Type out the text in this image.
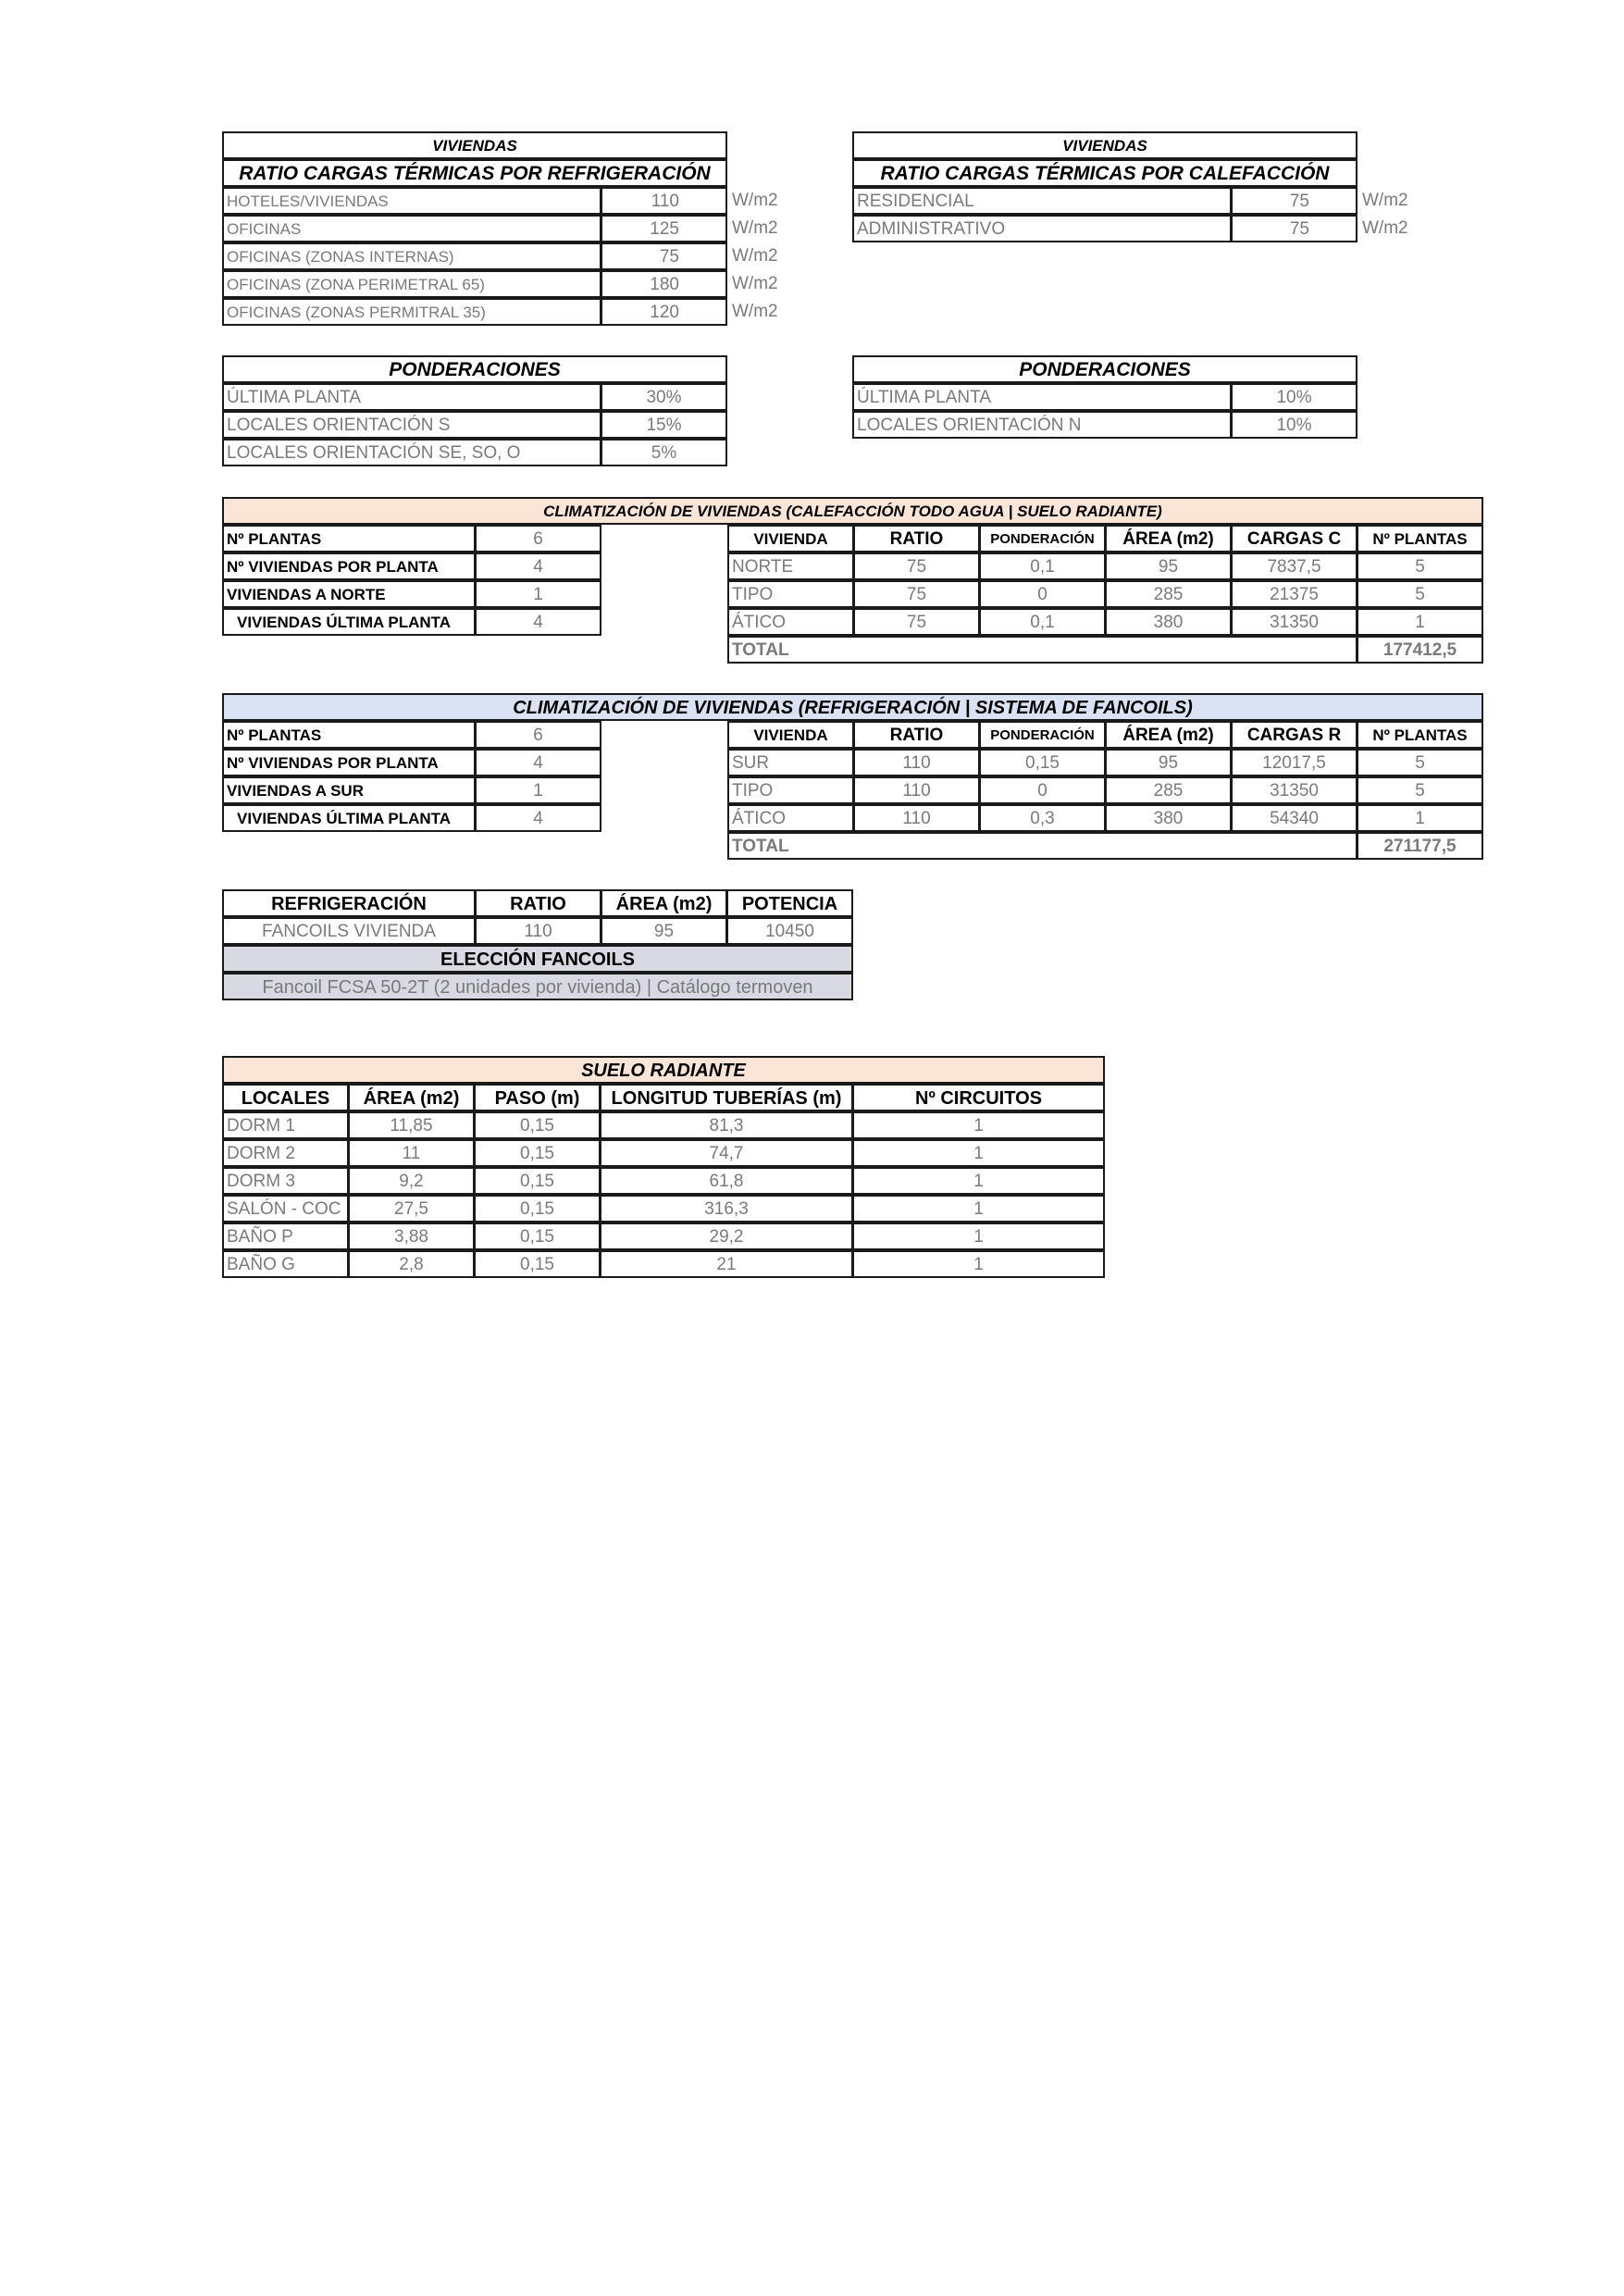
VIVIENDAS
RATIO CARGAS TÉRMICAS POR REFRIGERACIÓN
HOTELES/VIVIENDAS	110	W/m2
OFICINAS	125	W/m2
OFICINAS (ZONAS INTERNAS)	75	W/m2
OFICINAS (ZONA PERIMETRAL 65)	180	W/m2
OFICINAS (ZONAS PERMITRAL 35)	120	W/m2
VIVIENDAS
RATIO CARGAS TÉRMICAS POR CALEFACCIÓN
RESIDENCIAL	75	W/m2
ADMINISTRATIVO	75	W/m2
PONDERACIONES
ÚLTIMA PLANTA	30%
LOCALES ORIENTACIÓN S	15%
LOCALES ORIENTACIÓN SE, SO, O	5%
PONDERACIONES
ÚLTIMA PLANTA	10%
LOCALES ORIENTACIÓN N	10%
CLIMATIZACIÓN DE VIVIENDAS (CALEFACCIÓN TODO AGUA | SUELO RADIANTE)
Nº PLANTAS	6
Nº VIVIENDAS POR PLANTA	4
VIVIENDAS A NORTE	1
VIVIENDAS ÚLTIMA PLANTA	4
VIVIENDA	RATIO	PONDERACIÓN	ÁREA (m2)	CARGAS C	Nº PLANTAS
NORTE	75	0,1	95	7837,5	5
TIPO	75	0	285	21375	5
ÁTICO	75	0,1	380	31350	1
TOTAL	177412,5
CLIMATIZACIÓN DE VIVIENDAS (REFRIGERACIÓN | SISTEMA DE FANCOILS)
Nº PLANTAS	6
Nº VIVIENDAS POR PLANTA	4
VIVIENDAS A SUR	1
VIVIENDAS ÚLTIMA PLANTA	4
VIVIENDA	RATIO	PONDERACIÓN	ÁREA (m2)	CARGAS R	Nº PLANTAS
SUR	110	0,15	95	12017,5	5
TIPO	110	0	285	31350	5
ÁTICO	110	0,3	380	54340	1
TOTAL	271177,5
REFRIGERACIÓN	RATIO	ÁREA (m2)	POTENCIA
FANCOILS VIVIENDA	110	95	10450
ELECCIÓN FANCOILS
Fancoil FCSA 50-2T (2 unidades por vivienda) | Catálogo termoven
SUELO RADIANTE
LOCALES	ÁREA (m2)	PASO (m)	LONGITUD TUBERÍAS (m)	Nº CIRCUITOS
DORM 1	11,85	0,15	81,3	1
DORM 2	11	0,15	74,7	1
DORM 3	9,2	0,15	61,8	1
SALÓN - COC	27,5	0,15	316,3	1
BAÑO P	3,88	0,15	29,2	1
BAÑO G	2,8	0,15	21	1
